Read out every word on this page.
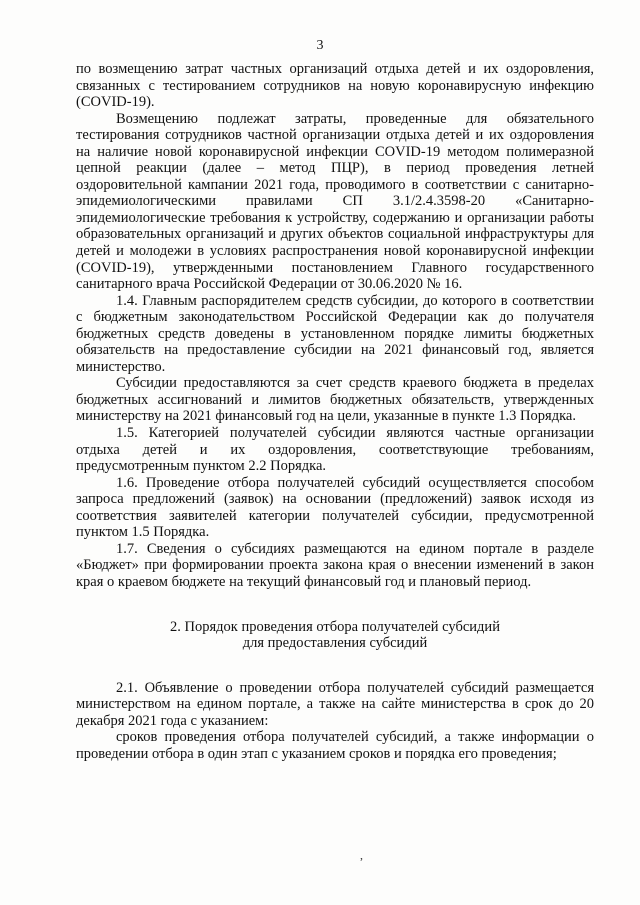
3

по возмещению затрат частных организаций отдыха детей и их оздоровления, связанных с тестированием сотрудников на новую коронавирусную инфекцию (COVID-19).

Возмещению подлежат затраты, проведенные для обязательного тестирования сотрудников частной организации отдыха детей и их оздоровления на наличие новой коронавирусной инфекции COVID-19 методом полимеразной цепной реакции (далее – метод ПЦР), в период проведения летней оздоровительной кампании 2021 года, проводимого в соответствии с санитарно-эпидемиологическими правилами СП 3.1/2.4.3598-20 «Санитарно-эпидемиологические требования к устройству, содержанию и организации работы образовательных организаций и других объектов социальной инфраструктуры для детей и молодежи в условиях распространения новой коронавирусной инфекции (COVID-19), утвержденными постановлением Главного государственного санитарного врача Российской Федерации от 30.06.2020 № 16.

1.4. Главным распорядителем средств субсидии, до которого в соответствии с бюджетным законодательством Российской Федерации как до получателя бюджетных средств доведены в установленном порядке лимиты бюджетных обязательств на предоставление субсидии на 2021 финансовый год, является министерство.

Субсидии предоставляются за счет средств краевого бюджета в пределах бюджетных ассигнований и лимитов бюджетных обязательств, утвержденных министерству на 2021 финансовый год на цели, указанные в пункте 1.3 Порядка.

1.5. Категорией получателей субсидии являются частные организации отдыха детей и их оздоровления, соответствующие требованиям, предусмотренным пунктом 2.2 Порядка.

1.6. Проведение отбора получателей субсидий осуществляется способом запроса предложений (заявок) на основании (предложений) заявок исходя из соответствия заявителей категории получателей субсидии, предусмотренной пунктом 1.5 Порядка.

1.7. Сведения о субсидиях размещаются на едином портале в разделе «Бюджет» при формировании проекта закона края о внесении изменений в закон края о краевом бюджете на текущий финансовый год и плановый период.

2. Порядок проведения отбора получателей субсидий

для предоставления субсидий

2.1. Объявление о проведении отбора получателей субсидий размещается министерством на едином портале, а также на сайте министерства в срок до 20 декабря 2021 года с указанием:

сроков проведения отбора получателей субсидий, а также информации о проведении отбора в один этап с указанием сроков и порядка его проведения;

,
